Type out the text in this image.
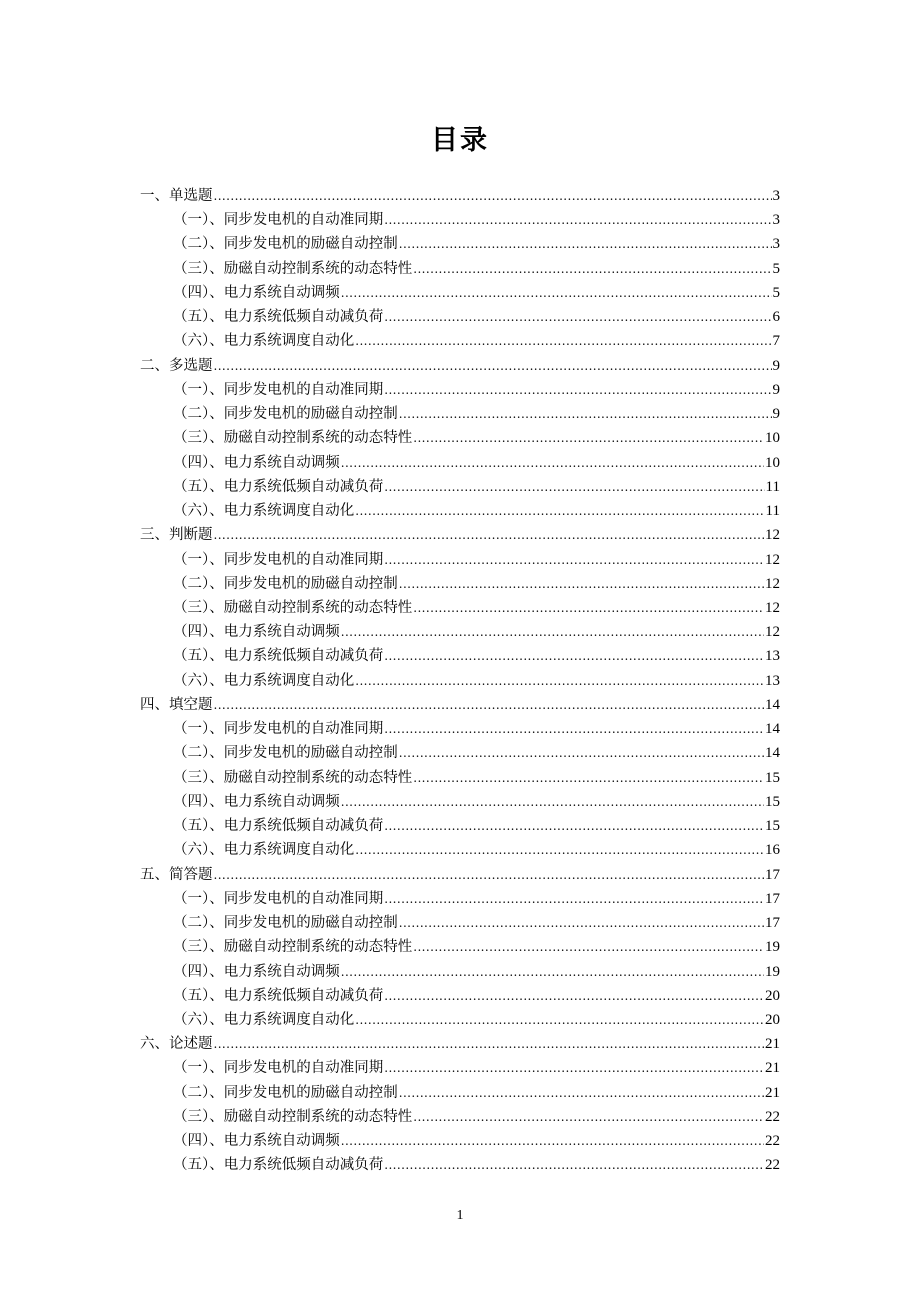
目录
一、单选题 .....	3
（一）、同步发电机的自动准同期 .....	3
（二）、同步发电机的励磁自动控制 .....	3
（三）、励磁自动控制系统的动态特性 .....	5
（四）、电力系统自动调频 .....	5
（五）、电力系统低频自动减负荷 .....	6
（六）、电力系统调度自动化 .....	7
二、多选题 .....	9
（一）、同步发电机的自动准同期 .....	9
（二）、同步发电机的励磁自动控制 .....	9
（三）、励磁自动控制系统的动态特性 .....	10
（四）、电力系统自动调频 .....	10
（五）、电力系统低频自动减负荷 .....	11
（六）、电力系统调度自动化 .....	11
三、判断题 .....	12
（一）、同步发电机的自动准同期 .....	12
（二）、同步发电机的励磁自动控制 .....	12
（三）、励磁自动控制系统的动态特性 .....	12
（四）、电力系统自动调频 .....	12
（五）、电力系统低频自动减负荷 .....	13
（六）、电力系统调度自动化 .....	13
四、填空题 .....	14
（一）、同步发电机的自动准同期 .....	14
（二）、同步发电机的励磁自动控制 .....	14
（三）、励磁自动控制系统的动态特性 .....	15
（四）、电力系统自动调频 .....	15
（五）、电力系统低频自动减负荷 .....	15
（六）、电力系统调度自动化 .....	16
五、简答题 .....	17
（一）、同步发电机的自动准同期 .....	17
（二）、同步发电机的励磁自动控制 .....	17
（三）、励磁自动控制系统的动态特性 .....	19
（四）、电力系统自动调频 .....	19
（五）、电力系统低频自动减负荷 .....	20
（六）、电力系统调度自动化 .....	20
六、论述题 .....	21
（一）、同步发电机的自动准同期 .....	21
（二）、同步发电机的励磁自动控制 .....	21
（三）、励磁自动控制系统的动态特性 .....	22
（四）、电力系统自动调频 .....	22
（五）、电力系统低频自动减负荷 .....	22
1
